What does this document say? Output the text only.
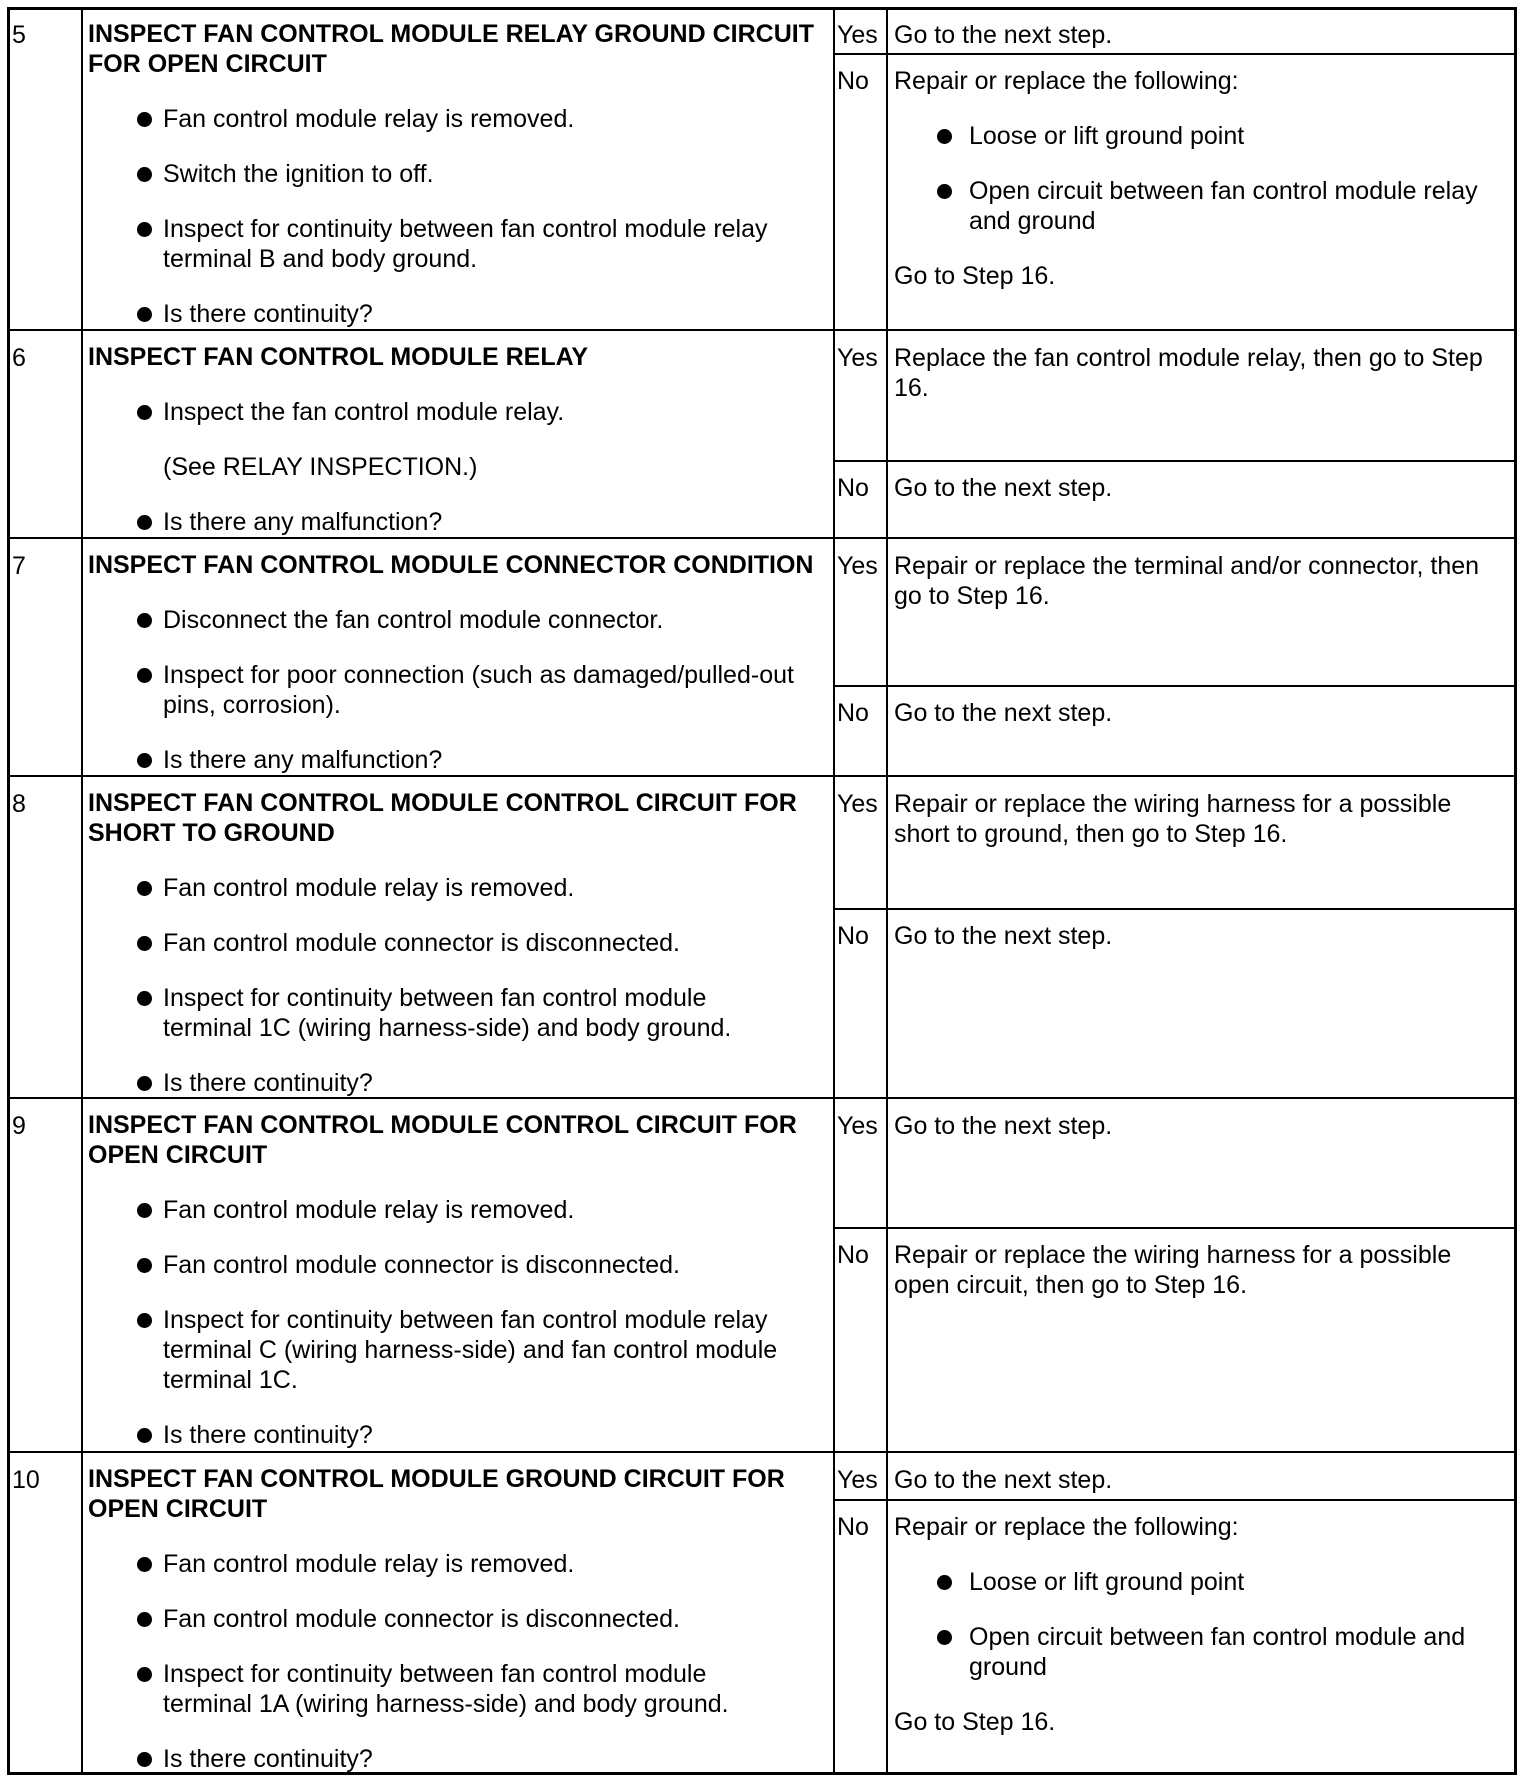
5 INSPECT FAN CONTROL MODULE RELAY GROUND CIRCUIT
FOR OPEN CIRCUIT
Fan control module relay is removed.
Switch the ignition to off.
Inspect for continuity between fan control module relay
terminal B and body ground.
Is there continuity?
Yes
No
Go to the next step.
Repair or replace the following:
Loose or lift ground point
Open circuit between fan control module relay
and ground
Go to Step 16.
6 INSPECT FAN CONTROL MODULE RELAY
Inspect the fan control module relay.
(See RELAY INSPECTION.)
Is there any malfunction?
Yes
No
Replace the fan control module relay, then go to Step
16.
Go to the next step.
7 INSPECT FAN CONTROL MODULE CONNECTOR CONDITION
Disconnect the fan control module connector.
Inspect for poor connection (such as damaged/pulled-out
pins, corrosion).
Is there any malfunction?
Yes
No
Repair or replace the terminal and/or connector, then
go to Step 16.
Go to the next step.
8 INSPECT FAN CONTROL MODULE CONTROL CIRCUIT FOR
SHORT TO GROUND
Fan control module relay is removed.
Fan control module connector is disconnected.
Inspect for continuity between fan control module
terminal 1C (wiring harness-side) and body ground.
Is there continuity?
Yes
No
Repair or replace the wiring harness for a possible
short to ground, then go to Step 16.
Go to the next step.
9 INSPECT FAN CONTROL MODULE CONTROL CIRCUIT FOR
OPEN CIRCUIT
Fan control module relay is removed.
Fan control module connector is disconnected.
Inspect for continuity between fan control module relay
terminal C (wiring harness-side) and fan control module
terminal 1C.
Is there continuity?
Yes
No
Go to the next step.
Repair or replace the wiring harness for a possible
open circuit, then go to Step 16.
10 INSPECT FAN CONTROL MODULE GROUND CIRCUIT FOR
OPEN CIRCUIT
Fan control module relay is removed.
Fan control module connector is disconnected.
Inspect for continuity between fan control module
terminal 1A (wiring harness-side) and body ground.
Is there continuity?
Yes
No
Go to the next step.
Repair or replace the following:
Loose or lift ground point
Open circuit between fan control module and
ground
Go to Step 16.
